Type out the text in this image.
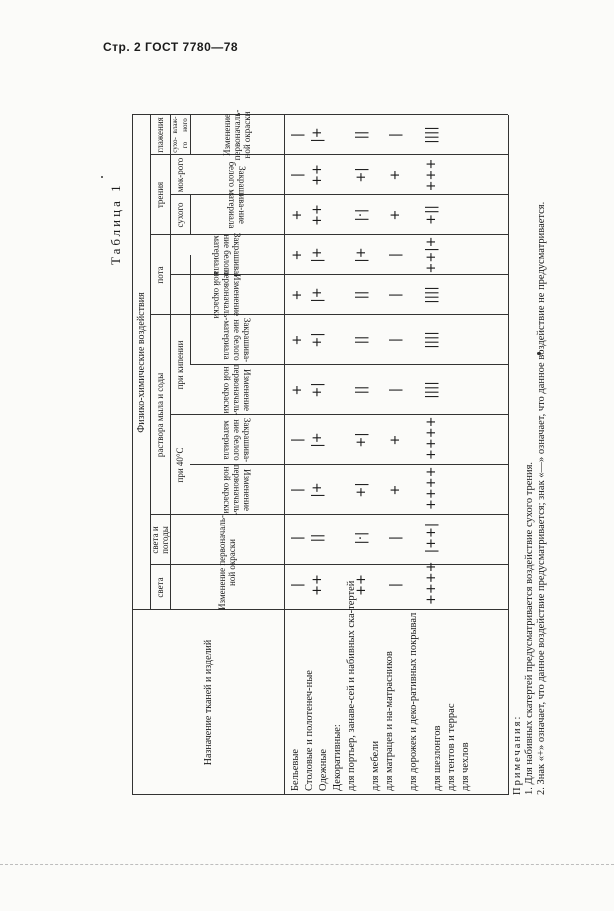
Стр. 2 ГОСТ 7780—78
Таблица 1
Назначение тканей и изделий
Физико-химические воздействия
света
света и погоды
раствора мыла и соды
при 40°С
при кипении
пота
трения
сухого
мок-рого
глажения сухо-го
влаж-ного
Изменение первоначаль-ной окраски
Изменение первоначаль-ной окраски
Закрашива-ние белого материала
Изменение первоначаль-ной окраски
Закрашива-ние белого материала
Изменение первоначаль-ной окраски
Закрашива-ние белого материала
Закрашива-ние белого материала
Изменение первоначаль-ной окраски
Бельевые Столовые и полотенеч-ные Одежные Декоративные: для портьер, занаве-сей и набивных ска-тертей для мебели для матрацев и на-матрасников для дорожек и деко-ративных покрывал для шезлонгов для тентов и террас для чехлов
|
|
|
|
+
+
+
+
+
|
|
++
||
|+
|+
+|
+|
|+
|+
++
++
|+
++
|·|
+|
+|
||
||
||
|+
|·|
+|
||
|
|
+
+
|
|
|
|
+
+
|
++++
|++|
++++
++++
||||
||||
||||
++|+
+||
+++
||||
Примечания: 1. Для набивных скатертей предусматривается воздействие сухого трения. 2. Знак «+» означает, что данное воздействие предусматривается; знак «—» означает, что данное воздействие не предусматривается.
